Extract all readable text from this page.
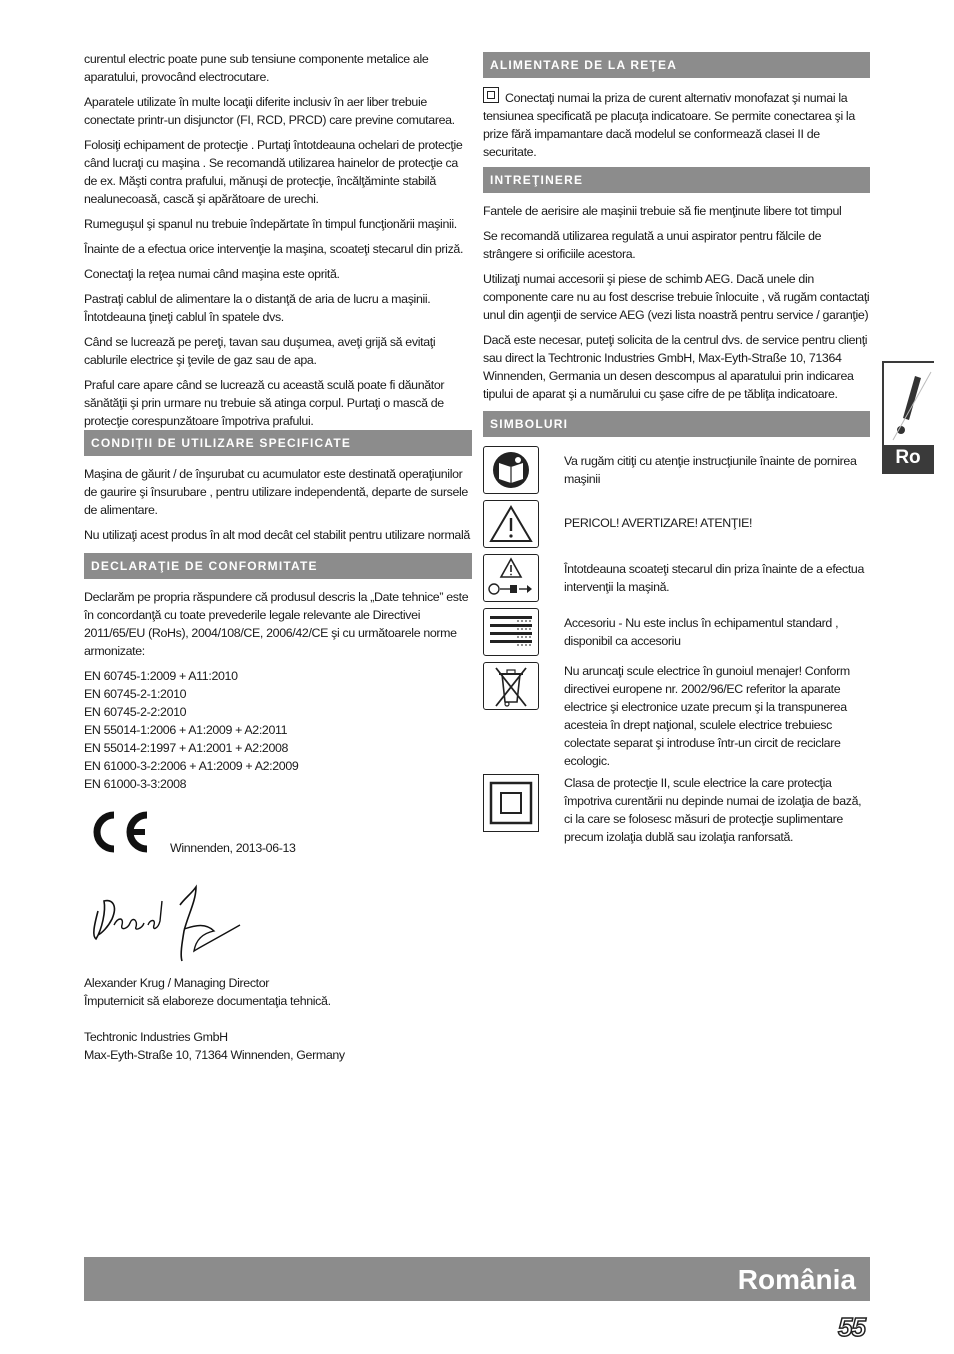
curentul electric poate pune sub tensiune componente metalice ale aparatului, provocând electrocutare.

Aparatele utilizate în multe locaţii diferite inclusiv în aer liber trebuie conectate printr-un disjunctor (FI, RCD, PRCD) care previne comutarea.

Folosiţi echipament de protecţie . Purtaţi întotdeauna ochelari de protecţie când lucraţi cu maşina . Se recomandă utilizarea hainelor de protecţie ca de ex. Măşti contra prafului, mănuşi de protecţie, încălţăminte stabilă nealunecoasă, cască şi apărătoare de urechi.

Rumeguşul şi spanul nu trebuie îndepărtate în timpul funcţionării maşinii.

Înainte de a efectua orice intervenţie la maşina, scoateţi stecarul din priză.

Conectaţi la reţea numai când maşina este oprită.

Pastraţi cablul de alimentare la o distanţă de aria de lucru a maşinii. Întotdeauna ţineţi cablul în spatele dvs.

Când se lucrează pe pereţi, tavan sau duşumea, aveţi grijă să evitaţi cablurile electrice şi ţevile de gaz sau de apa.

Praful care apare când se lucrează cu această sculă poate fi dăunător sănătăţii şi prin urmare nu trebuie să atinga corpul. Purtaţi o mască de protecţie corespunzătoare împotriva prafului.

CONDIŢII DE UTILIZARE SPECIFICATE

Maşina de găurit / de înşurubat cu acumulator este destinată operaţiunilor de gaurire şi însurubare , pentru utilizare independentă, departe de sursele de alimentare.

Nu utilizaţi acest produs în alt mod decât cel stabilit pentru utilizare normală

DECLARAŢIE DE CONFORMITATE

Declarăm pe propria răspundere că produsul descris la „Date tehnice” este în concordanţă cu toate prevederile legale relevante ale Directivei 2011/65/EU (RoHs), 2004/108/CE, 2006/42/CE şi cu următoarele norme armonizate:

EN 60745-1:2009 + A11:2010
EN 60745-2-1:2010
EN 60745-2-2:2010
EN 55014-1:2006 + A1:2009 + A2:2011
EN 55014-2:1997 + A1:2001 + A2:2008
EN 61000-3-2:2006 + A1:2009 + A2:2009
EN 61000-3-3:2008
Winnenden, 2013-06-13
Alexander Krug / Managing Director
Împuternicit să elaboreze documentaţia tehnică.
Techtronic Industries GmbH
Max-Eyth-Straße 10, 71364 Winnenden, Germany
ALIMENTARE DE LA REŢEA

Conectaţi numai la priza de curent alternativ monofazat şi numai la tensiunea specificată pe placuţa indicatoare. Se permite conectarea şi la prize fără impamantare dacă modelul se conformează clasei II de securitate.

INTREŢINERE

Fantele de aerisire ale maşinii trebuie să fie menţinute libere tot timpul

Se recomandă utilizarea regulată a unui aspirator pentru fălcile de strângere si orificiile acestora.

Utilizaţi numai accesorii şi piese de schimb AEG. Dacă unele din componente care nu au fost descrise trebuie înlocuite , vă rugăm contactaţi unul din agenţii de service AEG (vezi lista noastră pentru service / garanţie)

Dacă este necesar, puteţi solicita de la centrul dvs. de service pentru clienţi sau direct la Techtronic Industries GmbH, Max-Eyth-Straße 10, 71364 Winnenden, Germania un desen descompus al aparatului prin indicarea tipului de aparat şi a numărului cu şase cifre de pe tăbliţa indicatoare.

SIMBOLURI
Va rugăm citiţi cu atenţie instrucţiunile înainte de pornirea maşinii
PERICOL! AVERTIZARE! ATENŢIE!
Întotdeauna scoateţi stecarul din priza înainte de a efectua intervenţii la maşină.
Accesoriu - Nu este inclus în echipamentul standard , disponibil ca accesoriu
Nu aruncaţi scule electrice în gunoiul menajer! Conform directivei europene nr. 2002/96/EC referitor la aparate electrice şi electronice uzate precum şi la transpunerea acesteia în drept naţional, sculele electrice trebuiesc colectate separat şi introduse într-un circit de reciclare ecologic.
Clasa de protecţie II, scule electrice la care protecţia împotriva curentării nu depinde numai de izolaţia de bază, ci la care se folosesc măsuri de protecţie suplimentare precum izolaţia dublă sau izolaţia ranforsată.
Ro
România
55
